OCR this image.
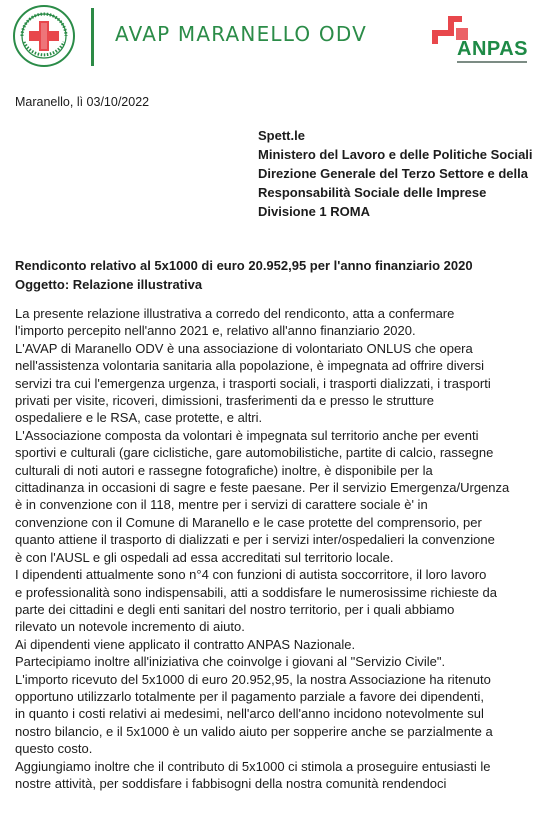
AVAP MARANELLO ODV
ANPAS
Maranello, lì 03/10/2022
Spett.le
Ministero del Lavoro e delle Politiche Sociali
Direzione Generale del Terzo Settore e della
Responsabilità Sociale delle Imprese
Divisione 1 ROMA
Rendiconto relativo al 5x1000 di euro 20.952,95 per l'anno finanziario 2020
Oggetto: Relazione illustrativa
La presente relazione illustrativa a corredo del rendiconto, atta a confermare
l'importo percepito nell'anno 2021 e, relativo all'anno finanziario 2020.
L'AVAP di Maranello ODV è una associazione di volontariato ONLUS che opera
nell'assistenza volontaria sanitaria alla popolazione, è impegnata ad offrire diversi
servizi tra cui l'emergenza urgenza, i trasporti sociali, i trasporti dializzati, i trasporti
privati per visite, ricoveri, dimissioni, trasferimenti da e presso le strutture
ospedaliere e le RSA, case protette, e altri.
L'Associazione composta da volontari è impegnata sul territorio anche per eventi
sportivi e culturali (gare ciclistiche, gare automobilistiche, partite di calcio, rassegne
culturali di noti autori e rassegne fotografiche) inoltre, è disponibile per la
cittadinanza in occasioni di sagre e feste paesane. Per il servizio Emergenza/Urgenza
è in convenzione con il 118, mentre per i servizi di carattere sociale è' in
convenzione con il Comune di Maranello e le case protette del comprensorio, per
quanto attiene il trasporto di dializzati e per i servizi inter/ospedalieri la convenzione
è con l'AUSL e gli ospedali ad essa accreditati sul territorio locale.
I dipendenti attualmente sono n°4 con funzioni di autista soccorritore, il loro lavoro
e professionalità sono indispensabili, atti a soddisfare le numerosissime richieste da
parte dei cittadini e degli enti sanitari del nostro territorio, per i quali abbiamo
rilevato un notevole incremento di aiuto.
Ai dipendenti viene applicato il contratto ANPAS Nazionale.
Partecipiamo inoltre all'iniziativa che coinvolge i giovani al "Servizio Civile".
L'importo ricevuto del 5x1000 di euro 20.952,95, la nostra Associazione ha ritenuto
opportuno utilizzarlo totalmente per il pagamento parziale a favore dei dipendenti,
in quanto i costi relativi ai medesimi, nell'arco dell'anno incidono notevolmente sul
nostro bilancio, e il 5x1000 è un valido aiuto per sopperire anche se parzialmente a
questo costo.
Aggiungiamo inoltre che il contributo di 5x1000 ci stimola a proseguire entusiasti le
nostre attività, per soddisfare i fabbisogni della nostra comunità rendendoci
